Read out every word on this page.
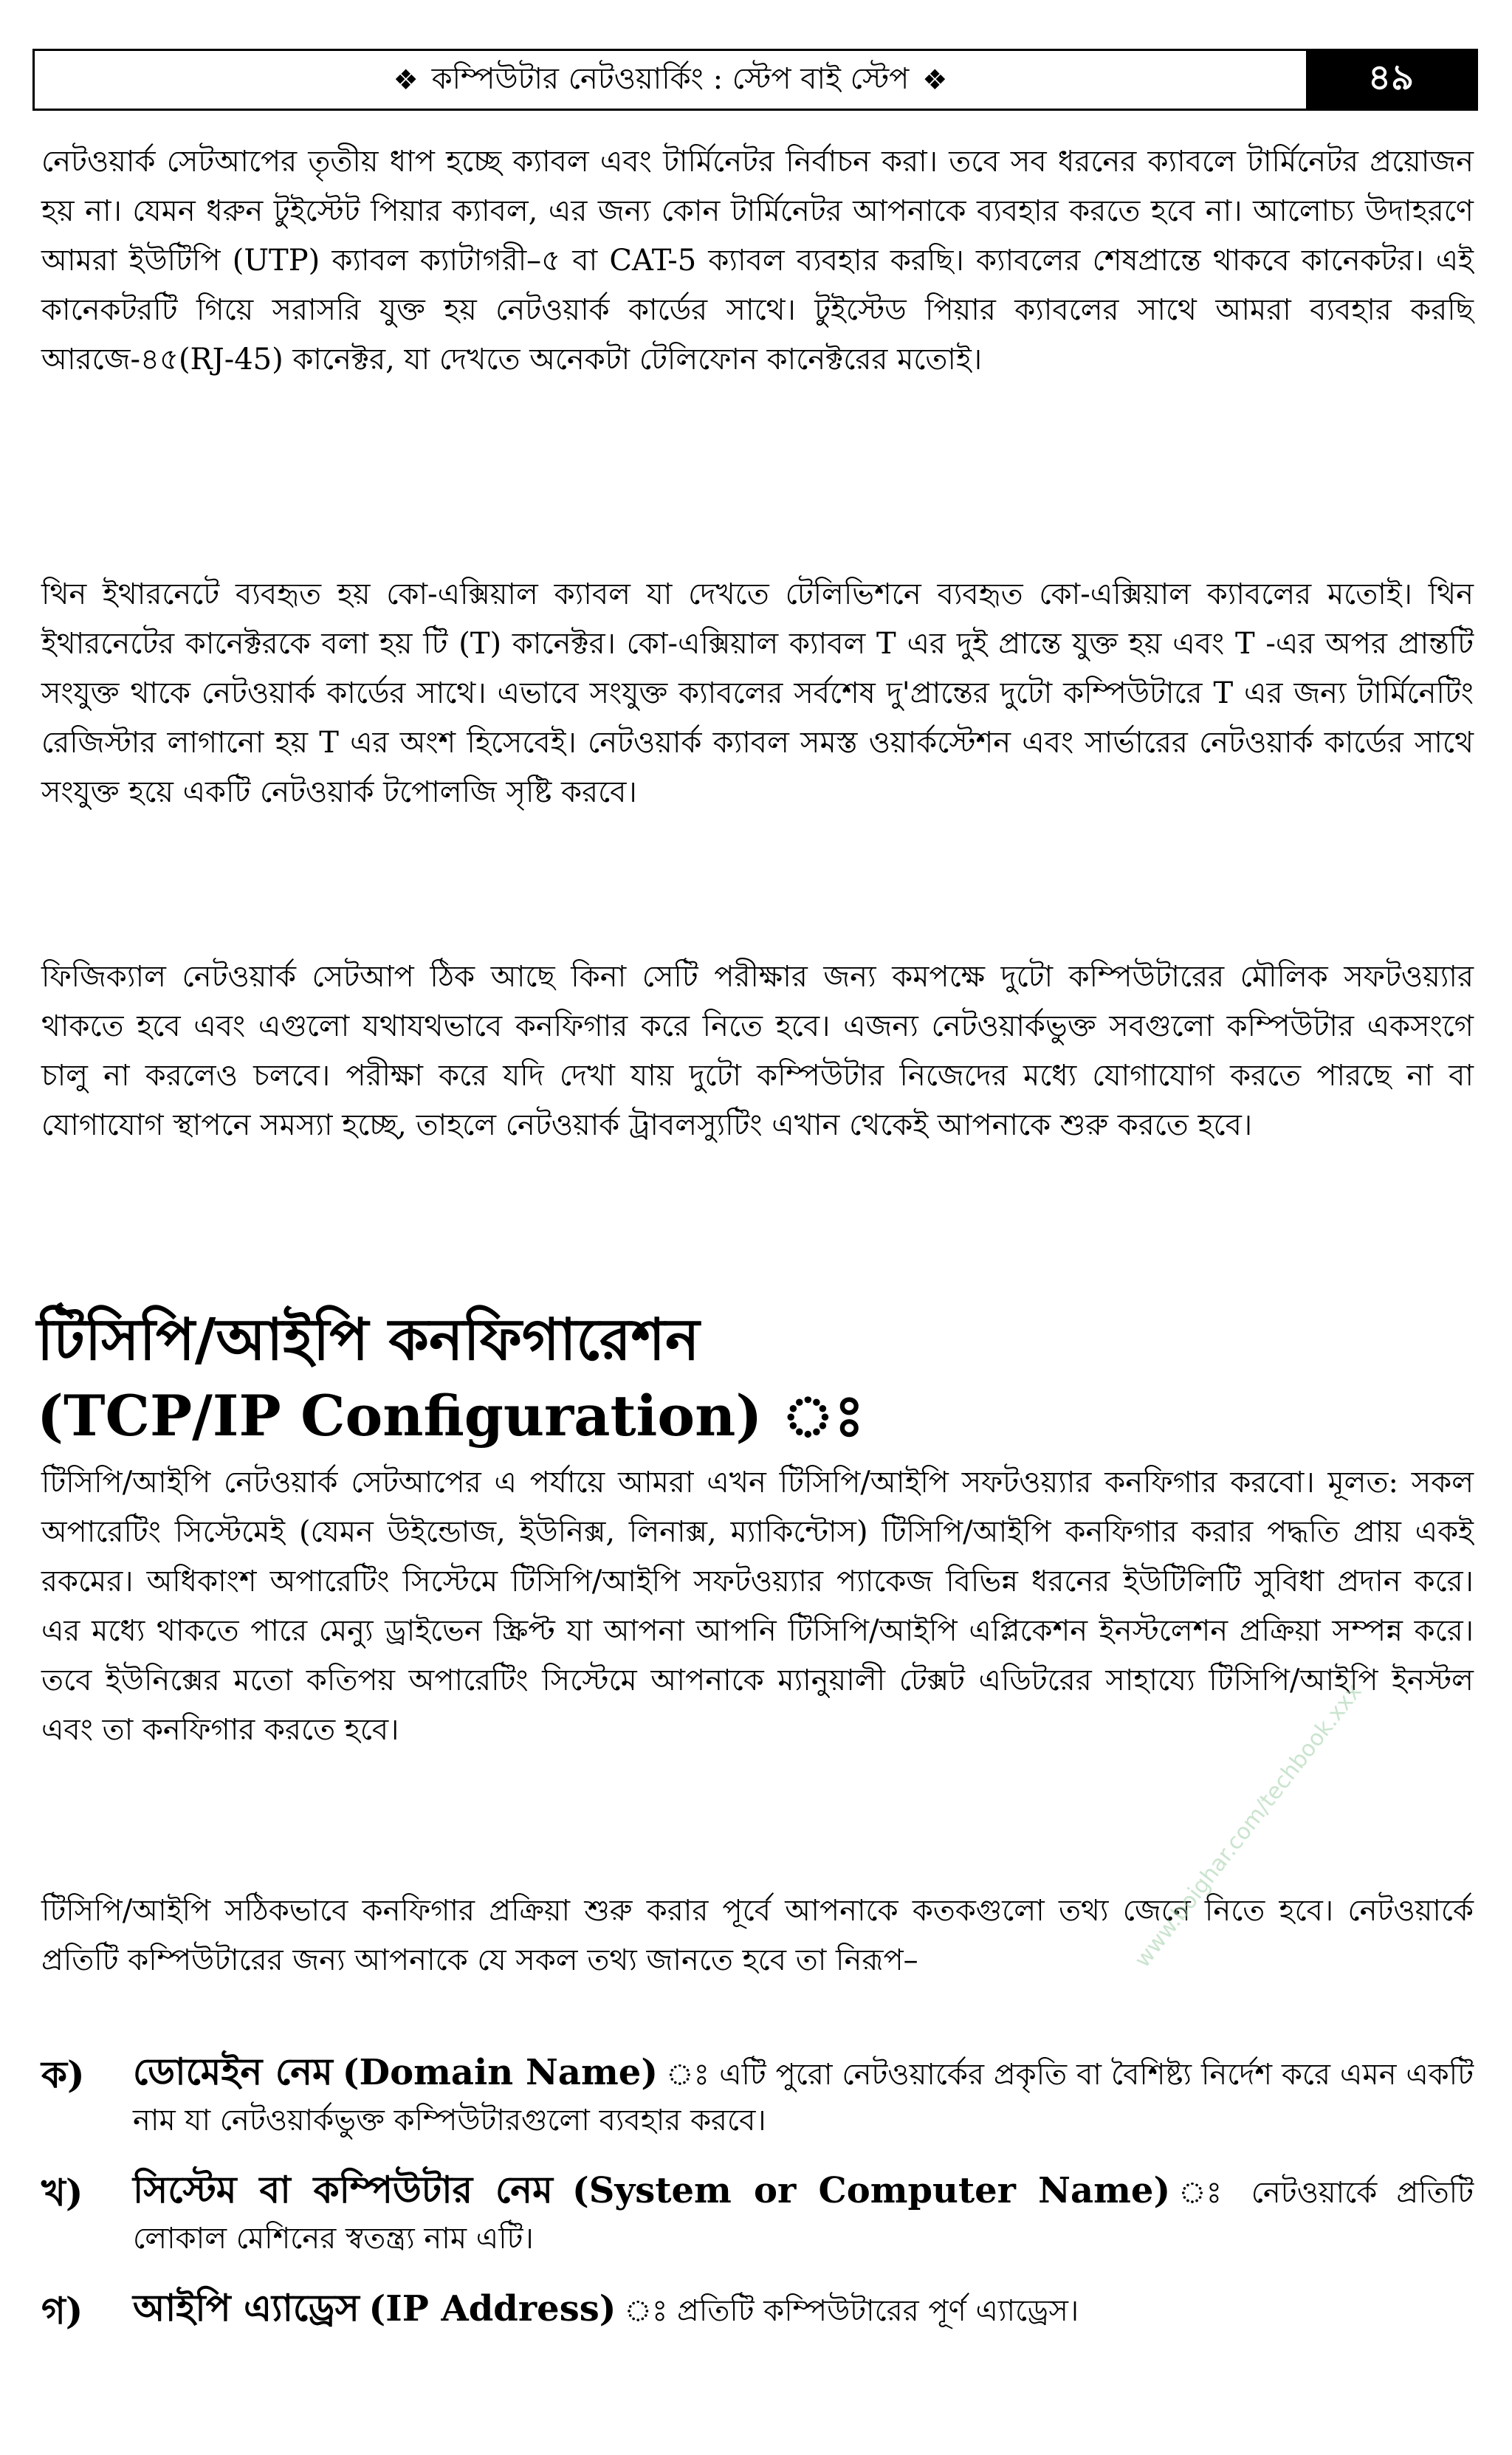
❖ কম্পিউটার নেটওয়ার্কিং : স্টেপ বাই স্টেপ ❖	৪৯

নেটওয়ার্ক সেটআপের তৃতীয় ধাপ হচ্ছে ক্যাবল এবং টার্মিনেটর নির্বাচন করা। তবে সব ধরনের ক্যাবলে টার্মিনেটর প্রয়োজন হয় না। যেমন ধরুন টুইস্টেট পিয়ার ক্যাবল, এর জন্য কোন টার্মিনেটর আপনাকে ব্যবহার করতে হবে না। আলোচ্য উদাহরণে আমরা ইউটিপি (UTP) ক্যাবল ক্যাটাগরী–৫ বা CAT-5 ক্যাবল ব্যবহার করছি। ক্যাবলের শেষপ্রান্তে থাকবে কানেকটর। এই কানেকটরটি গিয়ে সরাসরি যুক্ত হয় নেটওয়ার্ক কার্ডের সাথে। টুইস্টেড পিয়ার ক্যাবলের সাথে আমরা ব্যবহার করছি আরজে-৪৫(RJ-45) কানেক্টর, যা দেখতে অনেকটা টেলিফোন কানেক্টরের মতোই।

থিন ইথারনেটে ব্যবহৃত হয় কো-এক্সিয়াল ক্যাবল যা দেখতে টেলিভিশনে ব্যবহৃত কো-এক্সিয়াল ক্যাবলের মতোই। থিন ইথারনেটের কানেক্টরকে বলা হয় টি (T) কানেক্টর। কো-এক্সিয়াল ক্যাবল T এর দুই প্রান্তে যুক্ত হয় এবং T -এর অপর প্রান্তটি সংযুক্ত থাকে নেটওয়ার্ক কার্ডের সাথে। এভাবে সংযুক্ত ক্যাবলের সর্বশেষ দু'প্রান্তের দুটো কম্পিউটারে T এর জন্য টার্মিনেটিং রেজিস্টার লাগানো হয় T এর অংশ হিসেবেই। নেটওয়ার্ক ক্যাবল সমস্ত ওয়ার্কস্টেশন এবং সার্ভারের নেটওয়ার্ক কার্ডের সাথে সংযুক্ত হয়ে একটি নেটওয়ার্ক টপোলজি সৃষ্টি করবে।

ফিজিক্যাল নেটওয়ার্ক সেটআপ ঠিক আছে কিনা সেটি পরীক্ষার জন্য কমপক্ষে দুটো কম্পিউটারের মৌলিক সফটওয়্যার থাকতে হবে এবং এগুলো যথাযথভাবে কনফিগার করে নিতে হবে। এজন্য নেটওয়ার্কভুক্ত সবগুলো কম্পিউটার একসংগে চালু না করলেও চলবে। পরীক্ষা করে যদি দেখা যায় দুটো কম্পিউটার নিজেদের মধ্যে যোগাযোগ করতে পারছে না বা যোগাযোগ স্থাপনে সমস্যা হচ্ছে, তাহলে নেটওয়ার্ক ট্রাবলস্যুটিং এখান থেকেই আপনাকে শুরু করতে হবে।

টিসিপি/আইপি কনফিগারেশন
(TCP/IP Configuration) ঃ

টিসিপি/আইপি নেটওয়ার্ক সেটআপের এ পর্যায়ে আমরা এখন টিসিপি/আইপি সফটওয়্যার কনফিগার করবো। মূলত: সকল অপারেটিং সিস্টেমেই (যেমন উইন্ডোজ, ইউনিক্স, লিনাক্স, ম্যাকিন্টোস) টিসিপি/আইপি কনফিগার করার পদ্ধতি প্রায় একই রকমের। অধিকাংশ অপারেটিং সিস্টেমে টিসিপি/আইপি সফটওয়্যার প্যাকেজ বিভিন্ন ধরনের ইউটিলিটি সুবিধা প্রদান করে। এর মধ্যে থাকতে পারে মেন্যু ড্রাইভেন স্ক্রিপ্ট যা আপনা আপনি টিসিপি/আইপি এপ্লিকেশন ইনস্টলেশন প্রক্রিয়া সম্পন্ন করে। তবে ইউনিক্সের মতো কতিপয় অপারেটিং সিস্টেমে আপনাকে ম্যানুয়ালী টেক্সট এডিটরের সাহায্যে টিসিপি/আইপি ইনস্টল এবং তা কনফিগার করতে হবে।

টিসিপি/আইপি সঠিকভাবে কনফিগার প্রক্রিয়া শুরু করার পূর্বে আপনাকে কতকগুলো তথ্য জেনে নিতে হবে। নেটওয়ার্কে প্রতিটি কম্পিউটারের জন্য আপনাকে যে সকল তথ্য জানতে হবে তা নিরূপ–

ক)	ডোমেইন নেম (Domain Name) ঃ এটি পুরো নেটওয়ার্কের প্রকৃতি বা বৈশিষ্ট্য নির্দেশ করে এমন একটি নাম যা নেটওয়ার্কভুক্ত কম্পিউটারগুলো ব্যবহার করবে।
খ)	সিস্টেম বা কম্পিউটার নেম (System or Computer Name) ঃ নেটওয়ার্কে প্রতিটি লোকাল মেশিনের স্বতন্ত্র্য নাম এটি।
গ)	আইপি এ্যাড্রেস (IP Address) ঃ প্রতিটি কম্পিউটারের পূর্ণ এ্যাড্রেস।
www.boighar.com/techbook.xxx
